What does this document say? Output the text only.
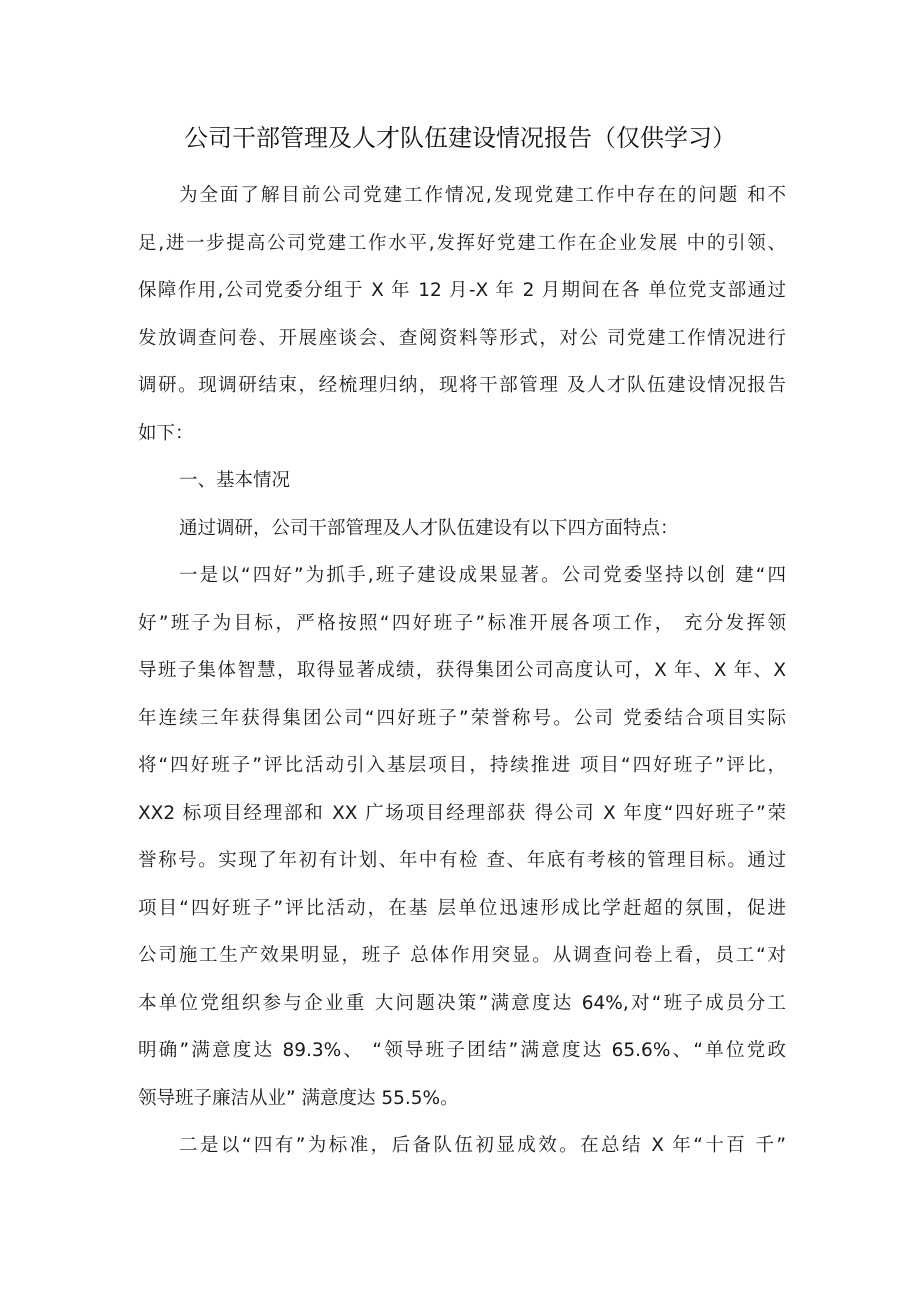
公司干部管理及人才队伍建设情况报告（仅供学习）
为全面了解目前公司党建工作情况,发现党建工作中存在的问题 和不
足,进一步提高公司党建工作水平,发挥好党建工作在企业发展 中的引领、
保障作用,公司党委分组于 X 年 12 月-X 年 2 月期间在各 单位党支部通过
发放调查问卷、开展座谈会、查阅资料等形式，对公 司党建工作情况进行
调研。现调研结束，经梳理归纳，现将干部管理 及人才队伍建设情况报告
如下：
一、基本情况
通过调研，公司干部管理及人才队伍建设有以下四方面特点：
一是以“四好”为抓手,班子建设成果显著。公司党委坚持以创 建“四
好”班子为目标，严格按照“四好班子”标准开展各项工作， 充分发挥领
导班子集体智慧，取得显著成绩，获得集团公司高度认可，X 年、X 年、X
年连续三年获得集团公司“四好班子”荣誉称号。公司 党委结合项目实际
将“四好班子”评比活动引入基层项目，持续推进 项目“四好班子”评比，
XX2 标项目经理部和 XX 广场项目经理部获 得公司 X 年度“四好班子”荣
誉称号。实现了年初有计划、年中有检 查、年底有考核的管理目标。通过
项目“四好班子”评比活动，在基 层单位迅速形成比学赶超的氛围，促进
公司施工生产效果明显，班子 总体作用突显。从调查问卷上看，员工“对
本单位党组织参与企业重 大问题决策”满意度达 64%,对“班子成员分工
明确”满意度达 89.3%、 “领导班子团结”满意度达 65.6%、“单位党政
领导班子廉洁从业” 满意度达 55.5%。
二是以“四有”为标准，后备队伍初显成效。在总结 X 年“十百 千”
